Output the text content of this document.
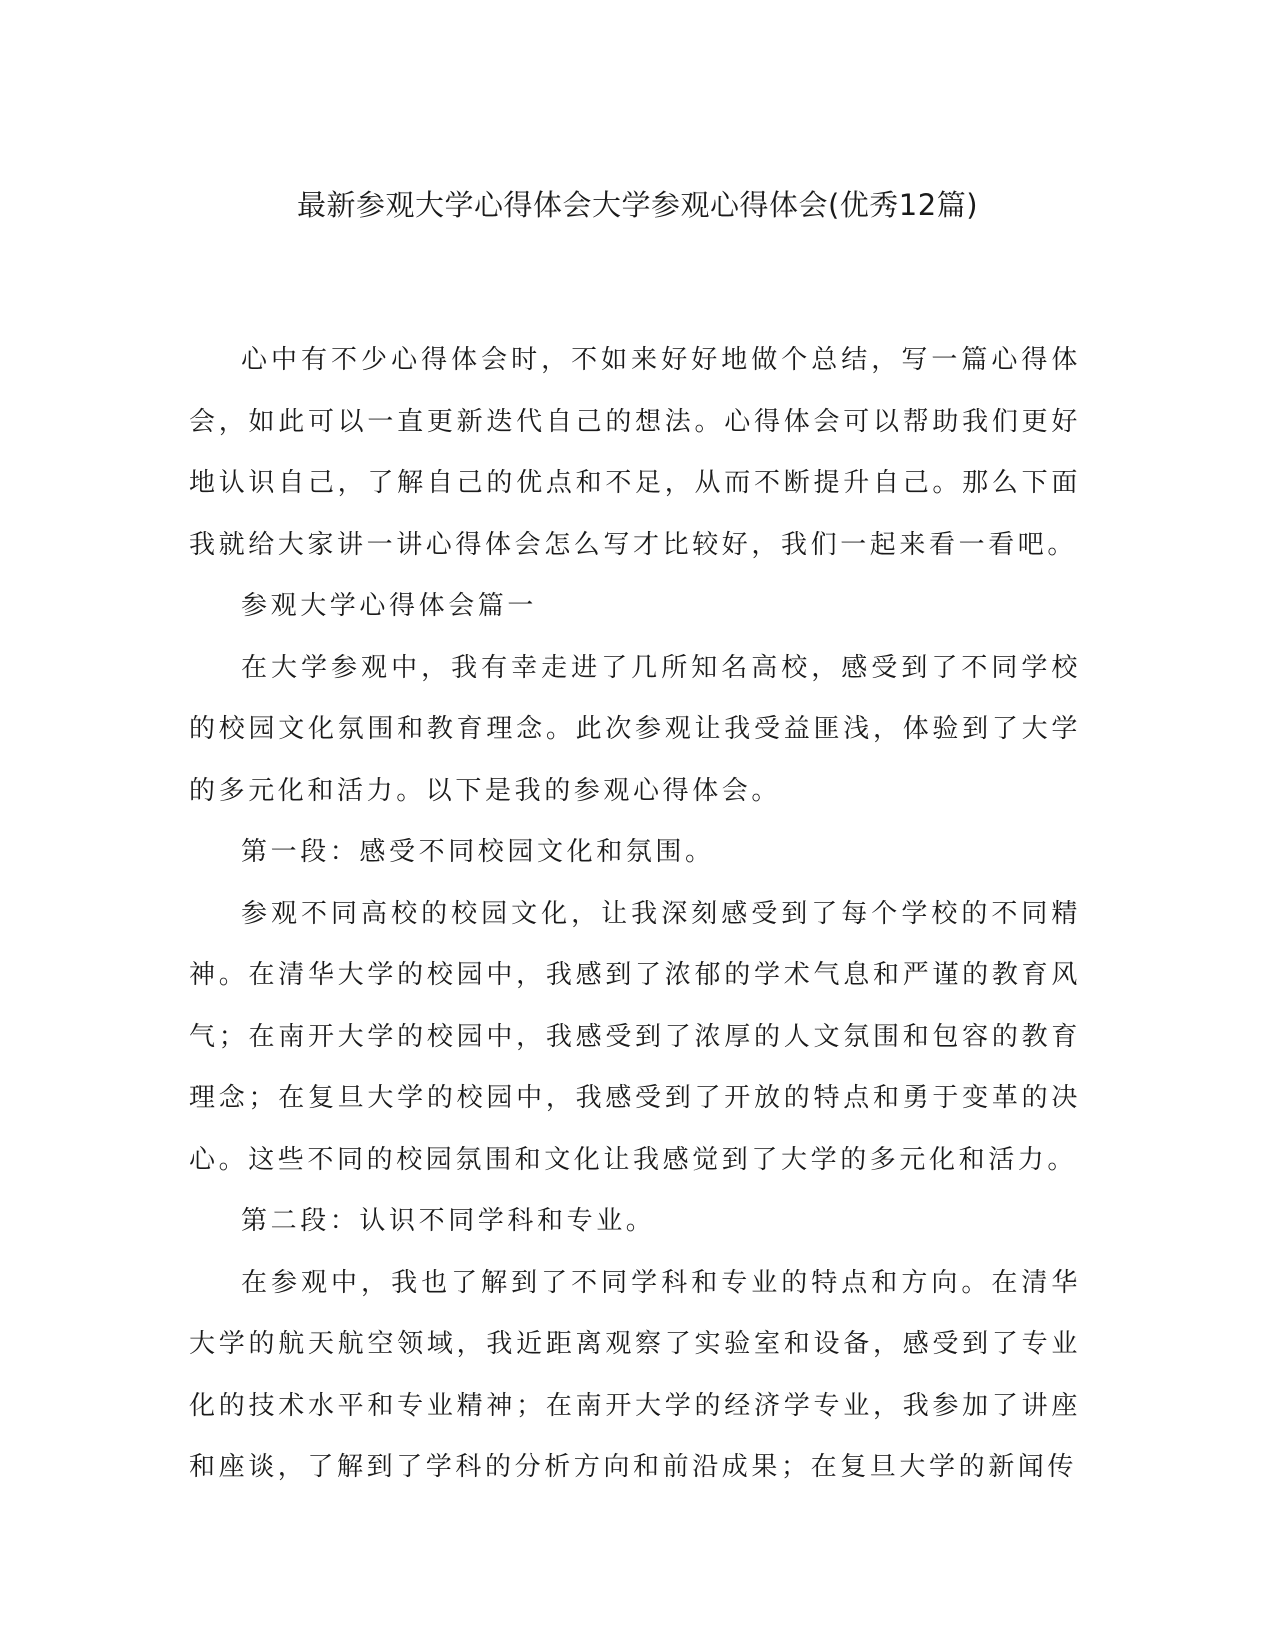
最新参观大学心得体会大学参观心得体会(优秀12篇)

心中有不少心得体会时，不如来好好地做个总结，写一篇心得体会，如此可以一直更新迭代自己的想法。心得体会可以帮助我们更好地认识自己，了解自己的优点和不足，从而不断提升自己。那么下面我就给大家讲一讲心得体会怎么写才比较好，我们一起来看一看吧。

参观大学心得体会篇一

在大学参观中，我有幸走进了几所知名高校，感受到了不同学校的校园文化氛围和教育理念。此次参观让我受益匪浅，体验到了大学的多元化和活力。以下是我的参观心得体会。

第一段：感受不同校园文化和氛围。

参观不同高校的校园文化，让我深刻感受到了每个学校的不同精神。在清华大学的校园中，我感到了浓郁的学术气息和严谨的教育风气；在南开大学的校园中，我感受到了浓厚的人文氛围和包容的教育理念；在复旦大学的校园中，我感受到了开放的特点和勇于变革的决心。这些不同的校园氛围和文化让我感觉到了大学的多元化和活力。

第二段：认识不同学科和专业。

在参观中，我也了解到了不同学科和专业的特点和方向。在清华大学的航天航空领域，我近距离观察了实验室和设备，感受到了专业化的技术水平和专业精神；在南开大学的经济学专业，我参加了讲座和座谈，了解到了学科的分析方向和前沿成果；在复旦大学的新闻传
